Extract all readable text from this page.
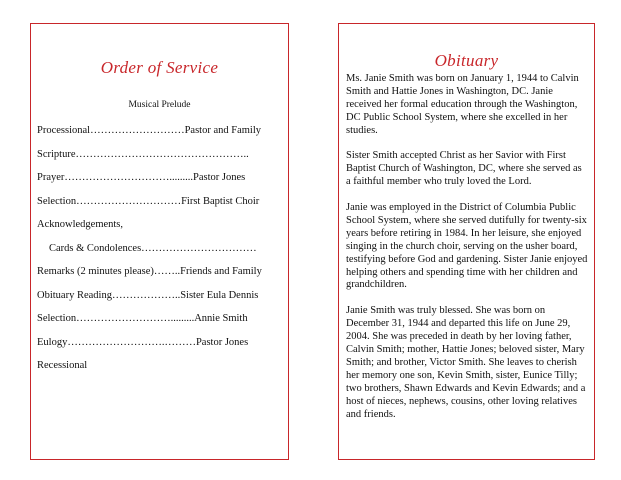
Order of Service
Musical Prelude
Processional………………………Pastor and Family
Scripture…………………………………………..
Prayer………………………….........Pastor Jones
Selection…………………………First Baptist Choir
Acknowledgements,
Cards & Condolences……………………………
Remarks (2 minutes please)……..Friends and Family
Obituary Reading………………..Sister Eula Dennis
Selection……………………….........Annie Smith
Eulogy……………………….………Pastor Jones
Recessional
Obituary

Ms. Janie Smith was born on January 1, 1944 to Calvin Smith and Hattie Jones in Washington, DC. Janie received her formal education through the Washington, DC Public School System, where she excelled in her studies.

Sister Smith accepted Christ as her Savior with First Baptist Church of Washington, DC, where she served as a faithful member who truly loved the Lord.

Janie was employed in the District of Columbia Public School System, where she served dutifully for twenty-six years before retiring in 1984. In her leisure, she enjoyed singing in the church choir, serving on the usher board, testifying before God and gardening. Sister Janie enjoyed helping others and spending time with her children and grandchildren.

Janie Smith was truly blessed. She was born on December 31, 1944 and departed this life on June 29, 2004. She was preceded in death by her loving father, Calvin Smith; mother, Hattie Jones; beloved sister, Mary Smith; and brother, Victor Smith. She leaves to cherish her memory one son, Kevin Smith, sister, Eunice Tilly; two brothers, Shawn Edwards and Kevin Edwards; and a host of nieces, nephews, cousins, other loving relatives and friends.
